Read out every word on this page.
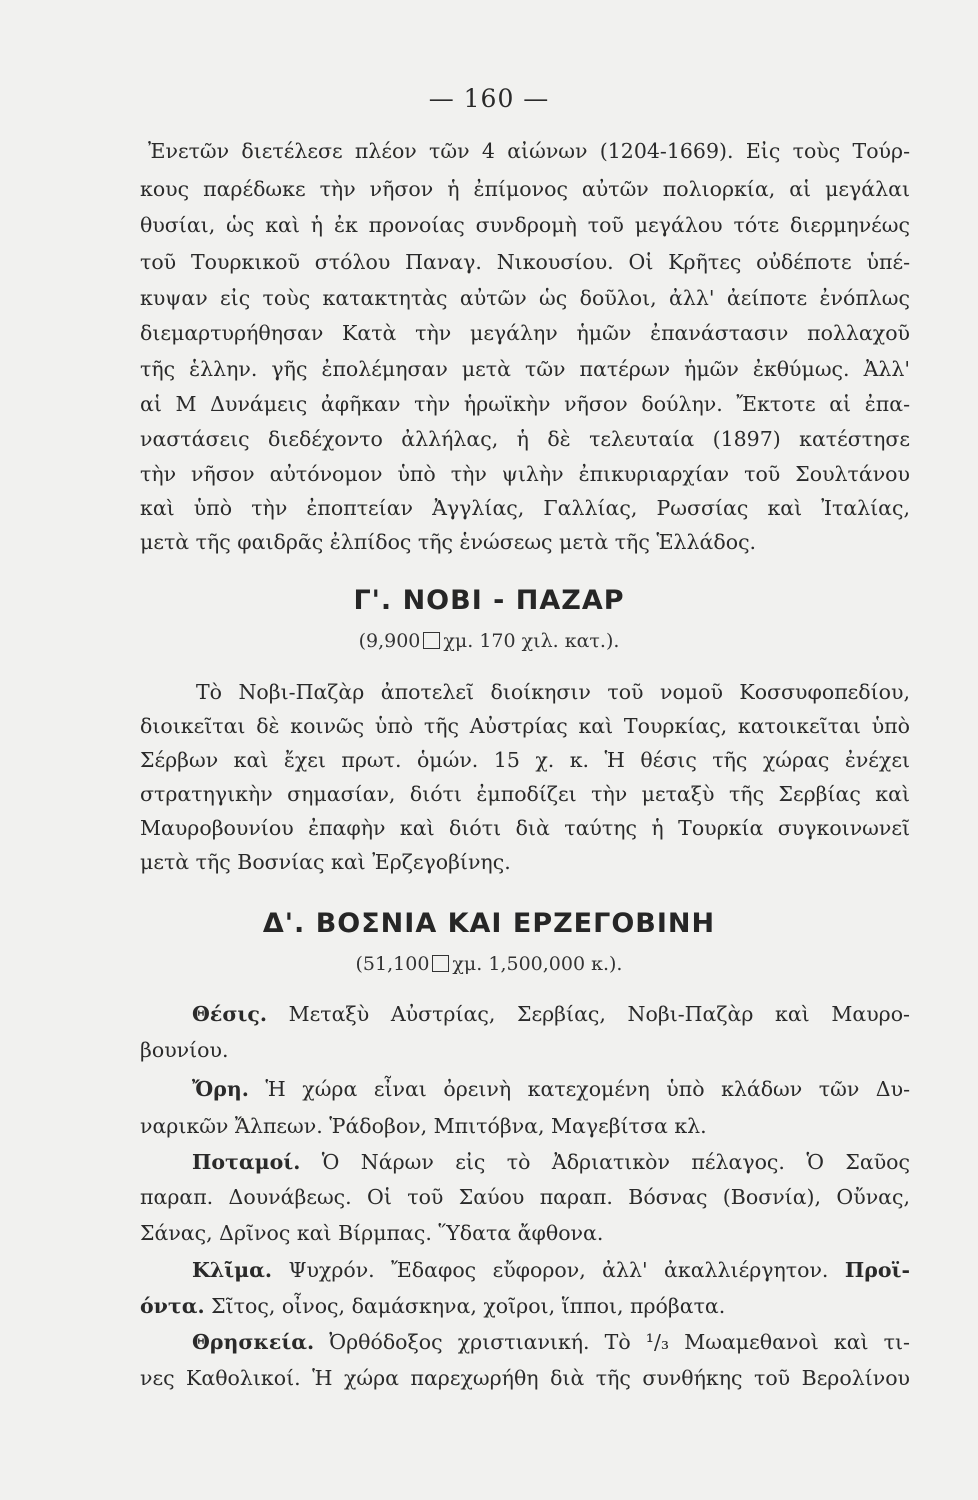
— 160 —
Ἐνετῶν διετέλεσε πλέον τῶν 4 αἰώνων (1204-1669). Εἰς τοὺς Τούρ-
κους παρέδωκε τὴν νῆσον ἡ ἐπίμονος αὐτῶν πολιορκία, αἱ μεγάλαι
θυσίαι, ὡς καὶ ἡ ἐκ προνοίας συνδρομὴ τοῦ μεγάλου τότε διερμηνέως
τοῦ Τουρκικοῦ στόλου Παναγ. Νικουσίου. Οἱ Κρῆτες οὐδέποτε ὑπέ-
κυψαν εἰς τοὺς κατακτητὰς αὐτῶν ὡς δοῦλοι, ἀλλ' ἀείποτε ἐνόπλως
διεμαρτυρήθησαν Κατὰ τὴν μεγάλην ἡμῶν ἐπανάστασιν πολλαχοῦ
τῆς ἑλλην. γῆς ἐπολέμησαν μετὰ τῶν πατέρων ἡμῶν ἐκθύμως. Ἀλλ'
αἱ Μ Δυνάμεις ἀφῆκαν τὴν ἡρωϊκὴν νῆσον δούλην. Ἔκτοτε αἱ ἐπα-
ναστάσεις διεδέχοντο ἀλλήλας, ἡ δὲ τελευταία (1897) κατέστησε
τὴν νῆσον αὐτόνομον ὑπὸ τὴν ψιλὴν ἐπικυριαρχίαν τοῦ Σουλτάνου
καὶ ὑπὸ τὴν ἐποπτείαν Ἀγγλίας, Γαλλίας, Ρωσσίας καὶ Ἰταλίας,
μετὰ τῆς φαιδρᾶς ἐλπίδος τῆς ἑνώσεως μετὰ τῆς Ἑλλάδος.
Γ'. ΝΟΒΙ - ΠΑΖΑΡ
(9,900 χμ. 170 χιλ. κατ.).
Τὸ Νοβι-Παζὰρ ἀποτελεῖ διοίκησιν τοῦ νομοῦ Κοσσυφοπεδίου,
διοικεῖται δὲ κοινῶς ὑπὸ τῆς Αὐστρίας καὶ Τουρκίας, κατοικεῖται ὑπὸ
Σέρβων καὶ ἔχει πρωτ. ὁμών. 15 χ. κ. Ἡ θέσις τῆς χώρας ἐνέχει
στρατηγικὴν σημασίαν, διότι ἐμποδίζει τὴν μεταξὺ τῆς Σερβίας καὶ
Μαυροβουνίου ἐπαφὴν καὶ διότι διὰ ταύτης ἡ Τουρκία συγκοινωνεῖ
μετὰ τῆς Βοσνίας καὶ Ἐρζεγοβίνης.
Δ'. ΒΟΣΝΙΑ ΚΑΙ ΕΡΖΕΓΟΒΙΝΗ
(51,100 χμ. 1,500,000 κ.).
Θέσις. Μεταξὺ Αὐστρίας, Σερβίας, Νοβι-Παζὰρ καὶ Μαυρο-
βουνίου.
Ὄρη. Ἡ χώρα εἶναι ὀρεινὴ κατεχομένη ὑπὸ κλάδων τῶν Δυ-
ναρικῶν Ἄλπεων. Ῥάδοβον, Μπιτόβνα, Μαγεβίτσα κλ.
Ποταμοί. Ὁ Νάρων εἰς τὸ Ἀδριατικὸν πέλαγος. Ὁ Σαῦος
παραπ. Δουνάβεως. Οἱ τοῦ Σαύου παραπ. Βόσνας (Βοσνία), Οὔνας,
Σάνας, Δρῖνος καὶ Βίρμπας. Ὕδατα ἄφθονα.
Κλῖμα. Ψυχρόν. Ἔδαφος εὔφορον, ἀλλ' ἀκαλλιέργητον. Προϊ-
όντα. Σῖτος, οἶνος, δαμάσκηνα, χοῖροι, ἵπποι, πρόβατα.
Θρησκεία. Ὀρθόδοξος χριστιανική. Τὸ ¹/₃ Μωαμεθανοὶ καὶ τι-
νες Καθολικοί. Ἡ χώρα παρεχωρήθη διὰ τῆς συνθήκης τοῦ Βερολίνου
